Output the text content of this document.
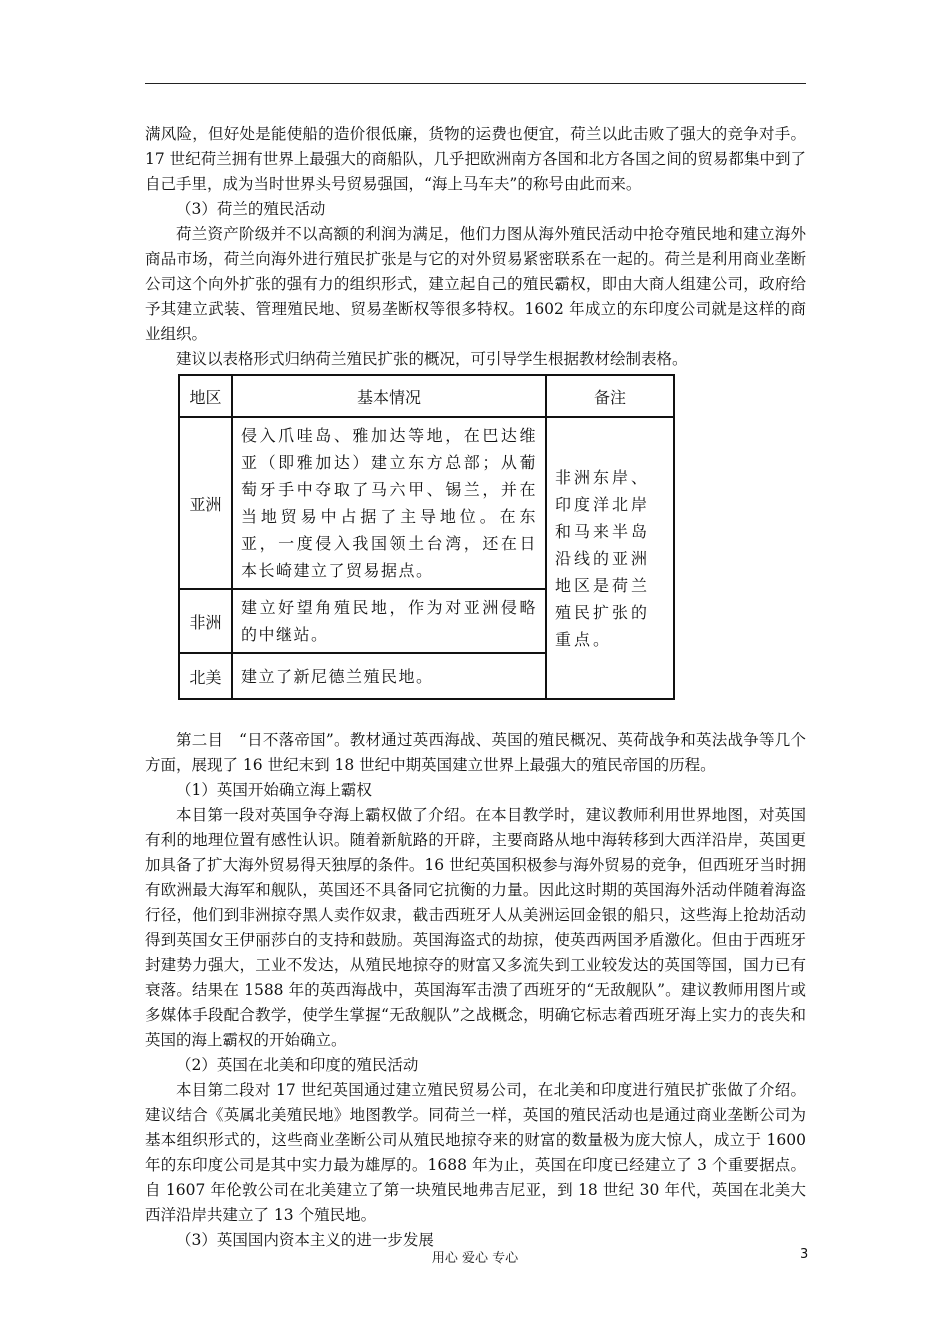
满风险，但好处是能使船的造价很低廉，货物的运费也便宜，荷兰以此击败了强大的竞争对手。17 世纪荷兰拥有世界上最强大的商船队，几乎把欧洲南方各国和北方各国之间的贸易都集中到了自己手里，成为当时世界头号贸易强国，“海上马车夫”的称号由此而来。

（3）荷兰的殖民活动

荷兰资产阶级并不以高额的利润为满足，他们力图从海外殖民活动中抢夺殖民地和建立海外商品市场，荷兰向海外进行殖民扩张是与它的对外贸易紧密联系在一起的。荷兰是利用商业垄断公司这个向外扩张的强有力的组织形式，建立起自己的殖民霸权，即由大商人组建公司，政府给予其建立武装、管理殖民地、贸易垄断权等很多特权。1602 年成立的东印度公司就是这样的商业组织。

建议以表格形式归纳荷兰殖民扩张的概况，可引导学生根据教材绘制表格。

地区	基本情况	备注
亚洲	侵入爪哇岛、雅加达等地，在巴达维亚（即雅加达）建立东方总部；从葡萄牙手中夺取了马六甲、锡兰，并在当地贸易中占据了主导地位。在东亚，一度侵入我国领土台湾，还在日本长崎建立了贸易据点。	非洲东岸、印度洋北岸和马来半岛沿线的亚洲地区是荷兰殖民扩张的重点。
非洲	建立好望角殖民地，作为对亚洲侵略的中继站。	
北美	建立了新尼德兰殖民地。	

第二目　“日不落帝国”。教材通过英西海战、英国的殖民概况、英荷战争和英法战争等几个方面，展现了 16 世纪末到 18 世纪中期英国建立世界上最强大的殖民帝国的历程。

（1）英国开始确立海上霸权

本目第一段对英国争夺海上霸权做了介绍。在本目教学时，建议教师利用世界地图，对英国有利的地理位置有感性认识。随着新航路的开辟，主要商路从地中海转移到大西洋沿岸，英国更加具备了扩大海外贸易得天独厚的条件。16 世纪英国积极参与海外贸易的竞争，但西班牙当时拥有欧洲最大海军和舰队，英国还不具备同它抗衡的力量。因此这时期的英国海外活动伴随着海盗行径，他们到非洲掠夺黑人卖作奴隶，截击西班牙人从美洲运回金银的船只，这些海上抢劫活动得到英国女王伊丽莎白的支持和鼓励。英国海盗式的劫掠，使英西两国矛盾激化。但由于西班牙封建势力强大，工业不发达，从殖民地掠夺的财富又多流失到工业较发达的英国等国，国力已有衰落。结果在 1588 年的英西海战中，英国海军击溃了西班牙的“无敌舰队”。建议教师用图片或多媒体手段配合教学，使学生掌握“无敌舰队”之战概念，明确它标志着西班牙海上实力的丧失和英国的海上霸权的开始确立。

（2）英国在北美和印度的殖民活动

本目第二段对 17 世纪英国通过建立殖民贸易公司，在北美和印度进行殖民扩张做了介绍。建议结合《英属北美殖民地》地图教学。同荷兰一样，英国的殖民活动也是通过商业垄断公司为基本组织形式的，这些商业垄断公司从殖民地掠夺来的财富的数量极为庞大惊人，成立于 1600 年的东印度公司是其中实力最为雄厚的。1688 年为止，英国在印度已经建立了 3 个重要据点。自 1607 年伦敦公司在北美建立了第一块殖民地弗吉尼亚，到 18 世纪 30 年代，英国在北美大西洋沿岸共建立了 13 个殖民地。

（3）英国国内资本主义的进一步发展

用心 爱心 专心	3
